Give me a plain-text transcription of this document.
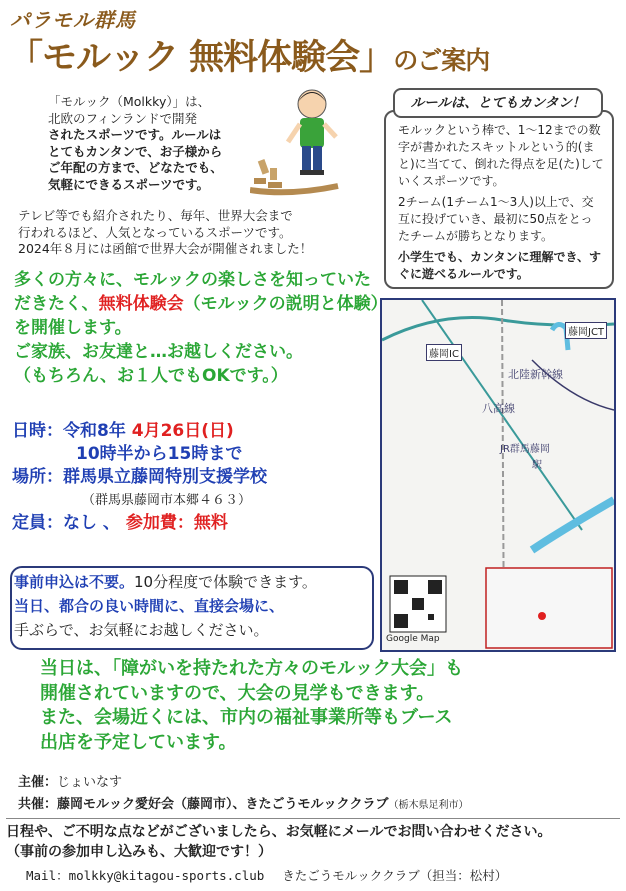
パラモル群馬
「モルック 無料体験会」のご案内
「モルック（Molkky）」は、
北欧のフィンランドで開発
されたスポーツです。ルールは
とてもカンタンで、お子様から
ご年配の方まで、どなたでも、
気軽にできるスポーツです。
テレビ等でも紹介されたり、毎年、世界大会まで
行われるほど、人気となっているスポーツです。
2024年８月には函館で世界大会が開催されました！
ルールは、とてもカンタン！
モルックという棒で、1～12までの数字が書かれたスキットルという的(まと)に当てて、倒れた得点を足(た)していくスポーツです。
2チーム(1チーム1～3人)以上で、交互に投げていき、最初に50点をとったチームが勝ちとなります。
小学生でも、カンタンに理解でき、すぐに遊べるルールです。
多くの方々に、モルックの楽しさを知っていただきたく、無料体験会（モルックの説明と体験）を開催します。
ご家族、お友達と…お越しください。
（もちろん、お１人でもOKです。）
日時：令和8年 4月26日(日)
10時半から15時まで
場所：群馬県立藤岡特別支援学校
（群馬県藤岡市本郷４６３）
定員：なし 、 参加費：無料
藤岡JCT
藤岡IC
北陸新幹線
八高線
JR群馬藤岡
駅
Google Map
事前申込は不要。10分程度で体験できます。
当日、都合の良い時間に、直接会場に、
手ぶらで、お気軽にお越しください。
当日は、「障がいを持たれた方々のモルック大会」も
開催されていますので、大会の見学もできます。
また、会場近くには、市内の福祉事業所等もブース
出店を予定しています。
主催：じょいなす
共催：藤岡モルック愛好会（藤岡市）、きたごうモルッククラブ（栃木県足利市）
日程や、ご不明な点などがございましたら、お気軽にメールでお問い合わせください。
（事前の参加申し込みも、大歓迎です！）
Mail：molkky@kitagou-sports.club きたごうモルッククラブ（担当：松村）
